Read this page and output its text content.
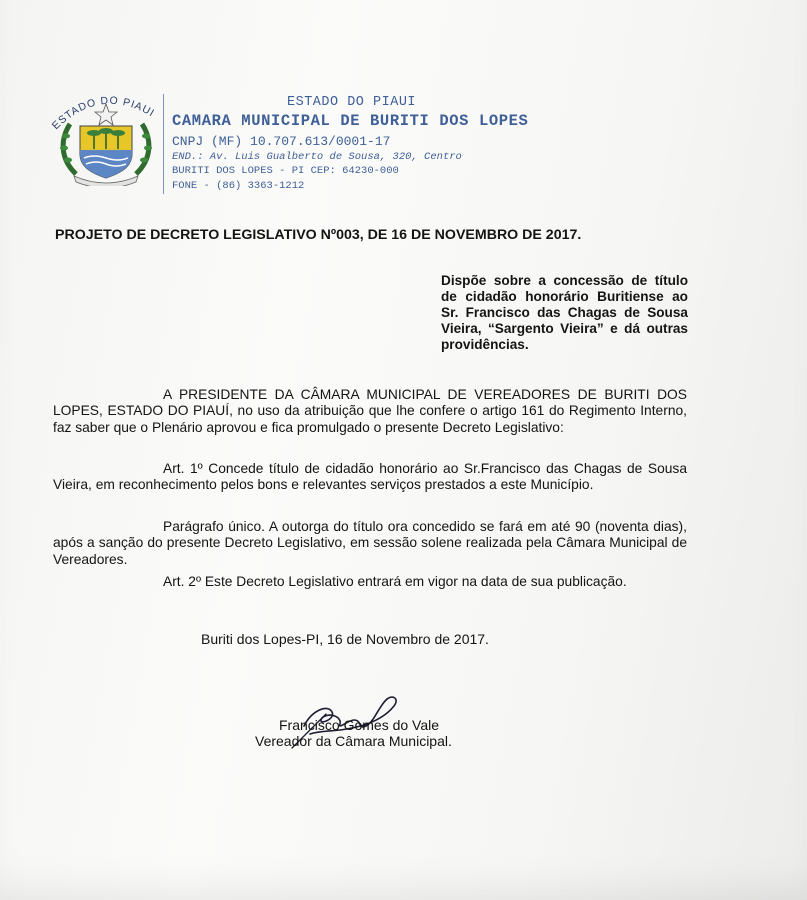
ESTADO DO PIAUI
ESTADO DO PIAUI
CAMARA MUNICIPAL DE BURITI DOS LOPES
CNPJ (MF) 10.707.613/0001-17
END.: Av. Luis Gualberto de Sousa, 320, Centro
BURITI DOS LOPES - PI CEP: 64230-000
FONE - (86) 3363-1212
PROJETO DE DECRETO LEGISLATIVO Nº003, DE 16 DE NOVEMBRO DE 2017.
Dispõe sobre a concessão de título de cidadão honorário Buritiense ao Sr. Francisco das Chagas de Sousa Vieira, “Sargento Vieira” e dá outras providências.
A PRESIDENTE DA CÂMARA MUNICIPAL DE VEREADORES DE BURITI DOS LOPES, ESTADO DO PIAUÍ, no uso da atribuição que lhe confere o artigo 161 do Regimento Interno, faz saber que o Plenário aprovou e fica promulgado o presente Decreto Legislativo:
Art. 1º Concede título de cidadão honorário ao Sr.Francisco das Chagas de Sousa Vieira, em reconhecimento pelos bons e relevantes serviços prestados a este Município.
Parágrafo único. A outorga do título ora concedido se fará em até 90 (noventa dias), após a sanção do presente Decreto Legislativo, em sessão solene realizada pela Câmara Municipal de Vereadores.
Art. 2º Este Decreto Legislativo entrará em vigor na data de sua publicação.
Buriti dos Lopes-PI, 16 de Novembro de 2017.
Francisco Gomes do Vale
Vereador da Câmara Municipal.
